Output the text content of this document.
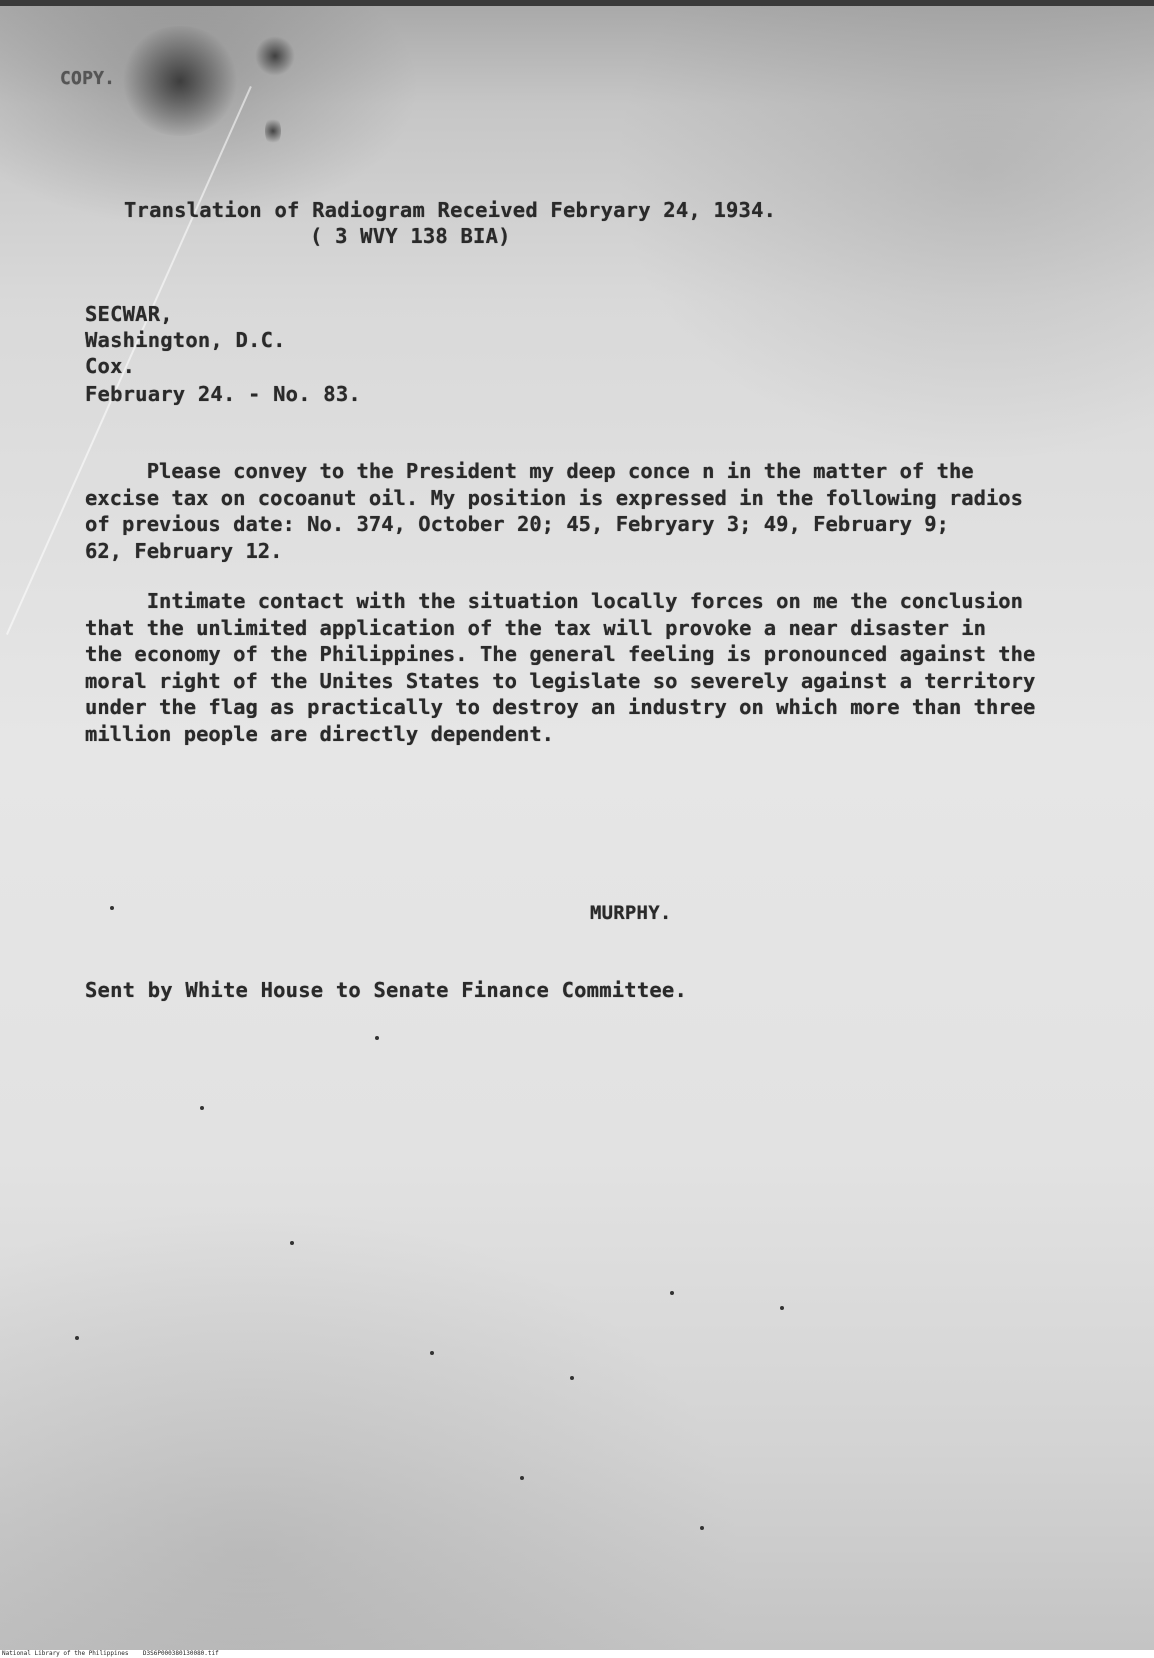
COPY.
Translation of Radiogram Received Febryary 24, 1934.
( 3 WVY 138 BIA)
SECWAR,
Washington, D.C.
Cox.
February 24. - No. 83.
Please convey to the President my deep conce n in the matter of the
excise tax on cocoanut oil. My position is expressed in the following radios
of previous date: No. 374, October 20; 45, Febryary 3; 49, February 9;
62, February 12.
Intimate contact with the situation locally forces on me the conclusion
that the unlimited application of the tax will provoke a near disaster in
the economy of the Philippines. The general feeling is pronounced against the
moral right of the Unites States to legislate so severely against a territory
under the flag as practically to destroy an industry on which more than three
million people are directly dependent.
MURPHY.
Sent by White House to Senate Finance Committee.
National Library of the Philippines    D3S6P000380130080.tif
